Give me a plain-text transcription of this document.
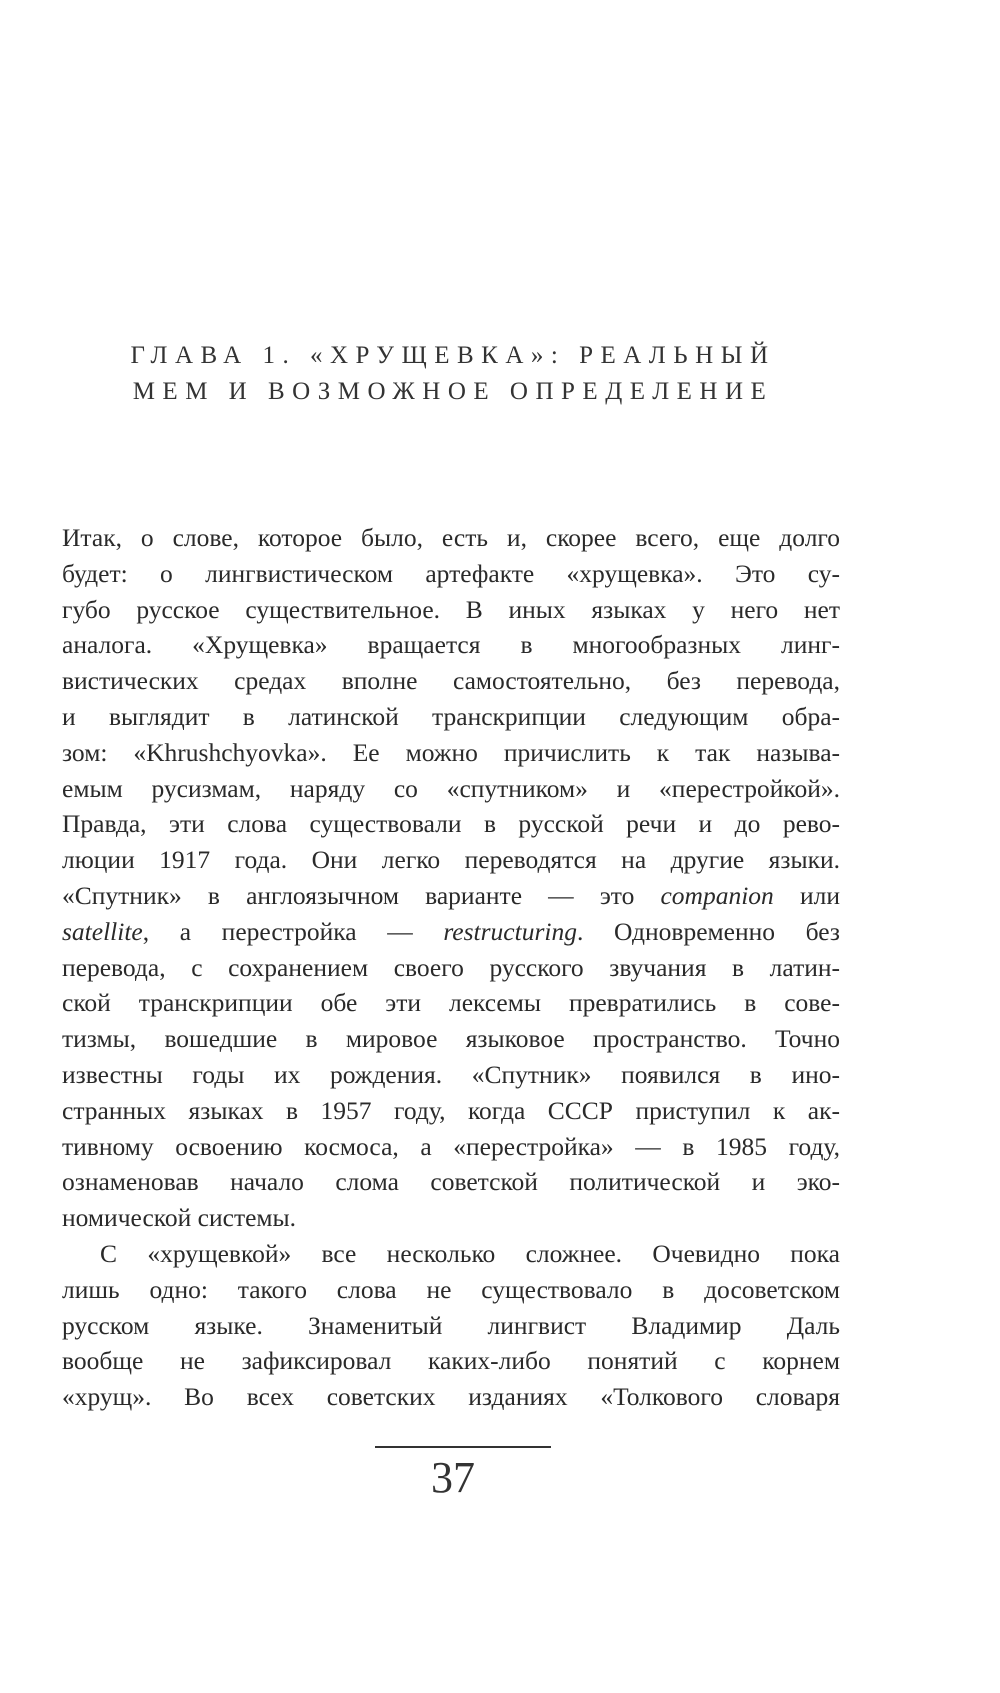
ГЛАВА 1. «ХРУЩЕВКА»: РЕАЛЬНЫЙ
МЕМ И ВОЗМОЖНОЕ ОПРЕДЕЛЕНИЕ
Итак, о слове, которое было, есть и, скорее всего, еще долго
будет: о лингвистическом артефакте «хрущевка». Это су-
губо русское существительное. В иных языках у него нет
аналога. «Хрущевка» вращается в многообразных линг-
вистических средах вполне самостоятельно, без перевода,
и выглядит в латинской транскрипции следующим обра-
зом: «Khrushchyovka». Ее можно причислить к так называ-
емым русизмам, наряду со «спутником» и «перестройкой».
Правда, эти слова существовали в русской речи и до рево-
люции 1917 года. Они легко переводятся на другие языки.
«Спутник» в англоязычном варианте — это companion или
satellite, а перестройка — restructuring. Одновременно без
перевода, с сохранением своего русского звучания в латин-
ской транскрипции обе эти лексемы превратились в сове-
тизмы, вошедшие в мировое языковое пространство. Точно
известны годы их рождения. «Спутник» появился в ино-
странных языках в 1957 году, когда СССР приступил к ак-
тивному освоению космоса, а «перестройка» — в 1985 году,
ознаменовав начало слома советской политической и эко-
номической системы.
С «хрущевкой» все несколько сложнее. Очевидно пока
лишь одно: такого слова не существовало в досоветском
русском языке. Знаменитый лингвист Владимир Даль
вообще не зафиксировал каких-либо понятий с корнем
«хрущ». Во всех советских изданиях «Толкового словаря
37
